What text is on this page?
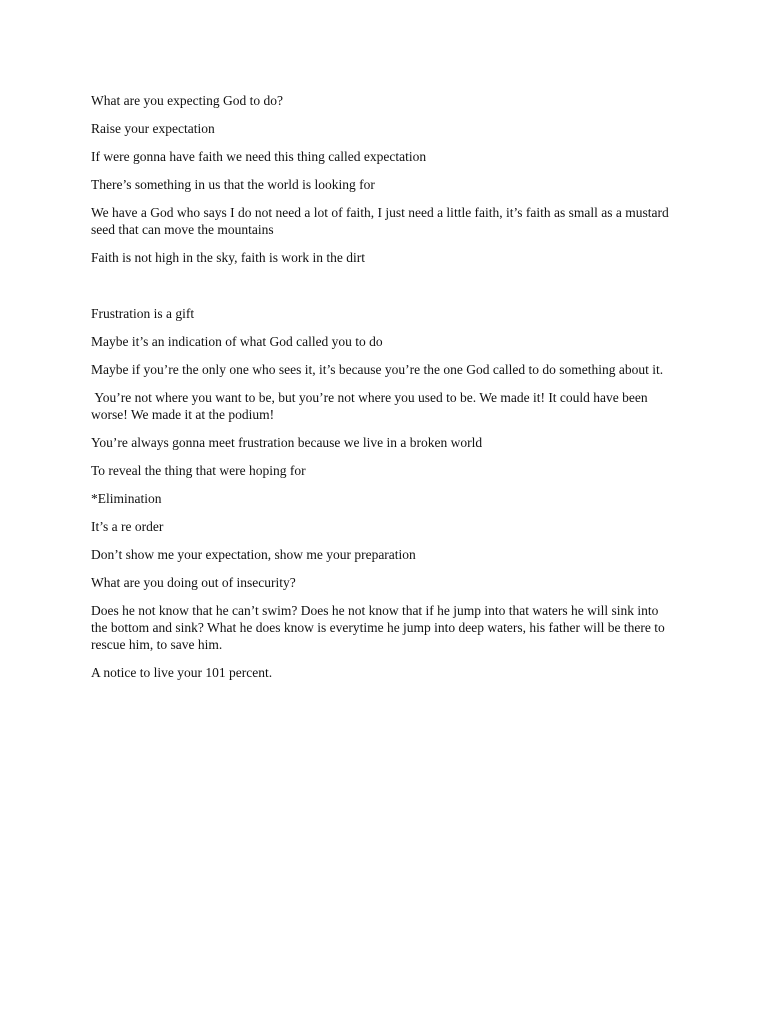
What are you expecting God to do?

Raise your expectation

If were gonna have faith we need this thing called expectation

There’s something in us that the world is looking for

We have a God who says I do not need a lot of faith, I just need a little faith, it’s faith as small as a mustard seed that can move the mountains

Faith is not high in the sky, faith is work in the dirt

Frustration is a gift

Maybe it’s an indication of what God called you to do

Maybe if you’re the only one who sees it, it’s because you’re the one God called to do something about it.

You’re not where you want to be, but you’re not where you used to be. We made it! It could have been worse! We made it at the podium!

You’re always gonna meet frustration because we live in a broken world

To reveal the thing that were hoping for

*Elimination

It’s a re order

Don’t show me your expectation, show me your preparation

What are you doing out of insecurity?

Does he not know that he can’t swim? Does he not know that if he jump into that waters he will sink into the bottom and sink? What he does know is everytime he jump into deep waters, his father will be there to rescue him, to save him.

A notice to live your 101 percent.
